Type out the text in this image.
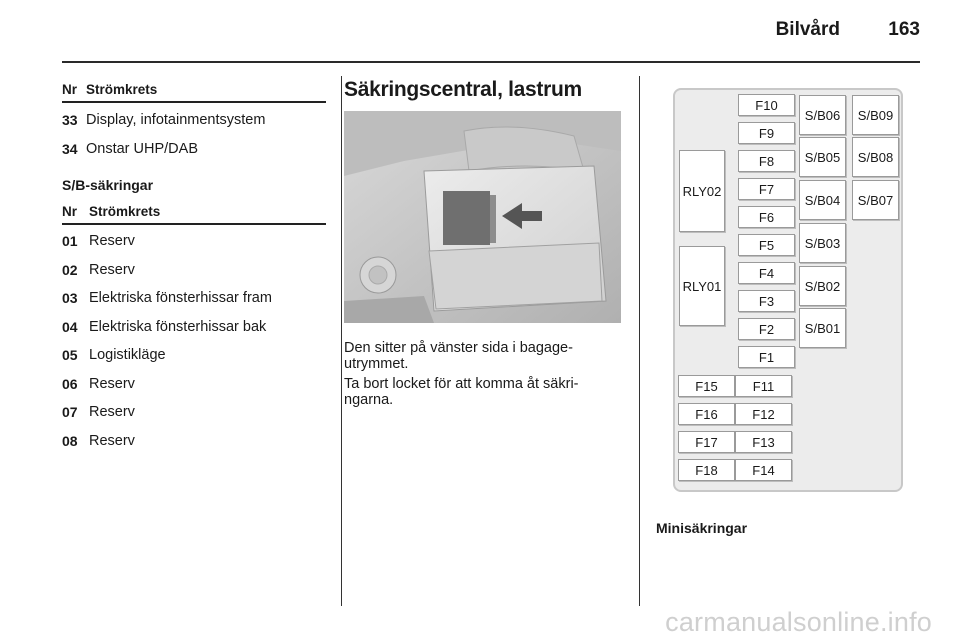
Bilvård	163
Nr Strömkrets
33 Display, infotainmentsystem
34 Onstar UHP/DAB
S/B-säkringar
Nr Strömkrets
01 Reserv
02 Reserv
03 Elektriska fönsterhissar fram
04 Elektriska fönsterhissar bak
05 Logistikläge
06 Reserv
07 Reserv
08 Reserv
Säkringscentral, lastrum
Den sitter på vänster sida i bagageutrymmet.
Ta bort locket för att komma åt säkringarna.
RLY02
RLY01
F10
F9
F8
F7
F6
F5
F4
F3
F2
F1
F15	F11
F16	F12
F17	F13
F18	F14
S/B06	S/B09
S/B05	S/B08
S/B04	S/B07
S/B03
S/B02
S/B01
Minisäkringar
carmanualsonline.info
